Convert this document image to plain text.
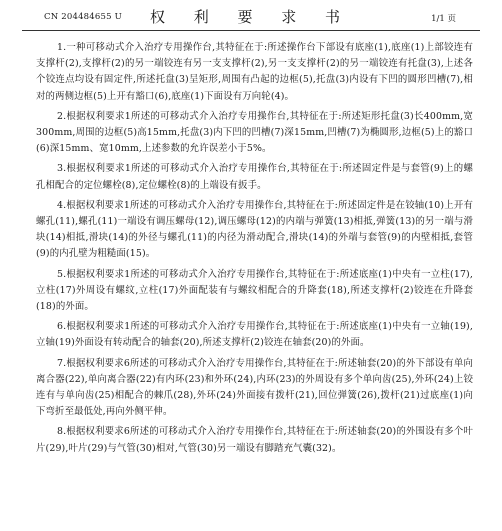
CN 204484655 U	权 利 要 求 书	1/1 页

1.一种可移动式介入治疗专用操作台,其特征在于:所述操作台下部设有底座(1),底座(1)上部铰连有支撑杆(2),支撑杆(2)的另一端铰连有另一支支撑杆(2),另一支支撑杆(2)的另一端铰连有托盘(3),上述各个铰连点均设有固定件,所述托盘(3)呈矩形,周围有凸起的边框(5),托盘(3)内设有下凹的圆形凹槽(7),相对的两侧边框(5)上开有豁口(6),底座(1)下面设有万向轮(4)。

2.根据权利要求1所述的可移动式介入治疗专用操作台,其特征在于:所述矩形托盘(3)长400mm,宽300mm,周围的边框(5)高15mm,托盘(3)内下凹的凹槽(7)深15mm,凹槽(7)为椭圆形,边框(5)上的豁口(6)深15mm、宽10mm,上述参数的允许误差小于5%。

3.根据权利要求1所述的可移动式介入治疗专用操作台,其特征在于:所述固定件是与套管(9)上的螺孔相配合的定位螺栓(8),定位螺栓(8)的上端设有扳手。

4.根据权利要求1所述的可移动式介入治疗专用操作台,其特征在于:所述固定件是在铰轴(10)上开有螺孔(11),螺孔(11)一端设有调压螺母(12),调压螺母(12)的内端与弹簧(13)相抵,弹簧(13)的另一端与滑块(14)相抵,滑块(14)的外径与螺孔(11)的内径为滑动配合,滑块(14)的外端与套管(9)的内壁相抵,套管(9)的内孔壁为粗糙面(15)。

5.根据权利要求1所述的可移动式介入治疗专用操作台,其特征在于:所述底座(1)中央有一立柱(17),立柱(17)外周设有螺纹,立柱(17)外面配装有与螺纹相配合的升降套(18),所述支撑杆(2)铰连在升降套(18)的外面。

6.根据权利要求1所述的可移动式介入治疗专用操作台,其特征在于:所述底座(1)中央有一立轴(19),立轴(19)外面设有转动配合的轴套(20),所述支撑杆(2)铰连在轴套(20)的外面。

7.根据权利要求6所述的可移动式介入治疗专用操作台,其特征在于:所述轴套(20)的外下部设有单向离合器(22),单向离合器(22)有内环(23)和外环(24),内环(23)的外周设有多个单向齿(25),外环(24)上铰连有与单向齿(25)相配合的棘爪(28),外环(24)外面接有拨杆(21),回位弹簧(26),拨杆(21)过底座(1)向下弯折至最低处,再向外侧平伸。

8.根据权利要求6所述的可移动式介入治疗专用操作台,其特征在于:所述轴套(20)的外围设有多个叶片(29),叶片(29)与气管(30)相对,气管(30)另一端设有脚踏充气囊(32)。
